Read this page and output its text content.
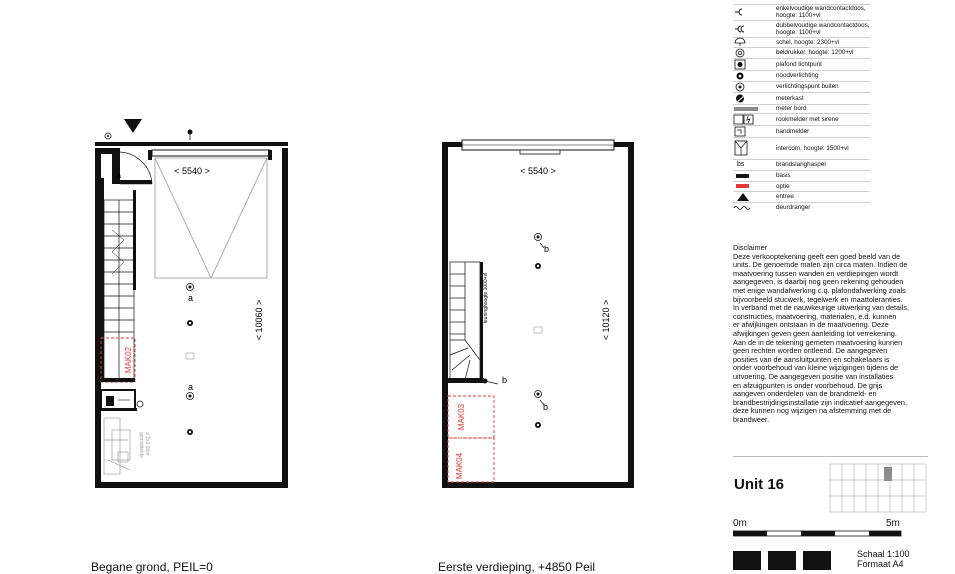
< 5540 >
< 10060 >
MAK02
a
a
a
gemiddelde a 2x2 25m
< 5540 >
< 10120 >
leuninghoogte 1000+vl
MAK03
MAK04
b
b
b
enkelvoudige wandcontactdoos, hoogte: 1100+vl
dubbelvoudige wandcontactdoos, hoogte: 1100+vl
schel, hoogte: 2300+vl
beldrukker, hoogte: 1200+vl
plafond lichtpunt
noodverlichting
verlichtingspunt buiten
meterkast
meter bord
rookmelder met sirene
handmelder
intercom, hoogte: 1500+vl
bs	brandslanghaspel
basis
optie
entree
deurdranger
Disclaimer
Deze verkooptekening geeft een goed beeld van de
units. De genoemde maten zijn circa maten. Indien de
maatvoering tussen wanden en verdiepingen wordt
aangegeven, is daarbij nog geen rekening gehouden
met enige wandafwerking c.q. plafondafwerking zoals
bijvoorbeeld stucwerk, tegelwerk en maattoleranties.
In verband met de nauwkeurige uitwerking van details,
constructies, maatvoering, materialen, e.d. kunnen
er afwijkingen ontstaan in de maatvoering. Deze
afwijkingen geven geen aanleiding tot verrekening.
Aan de in de tekening gemeten maatvoering kunnen
geen rechten worden ontleend. De aangegeven
posities van de aansluitpunten en schakelaars is
onder voorbehoud van kleine wijzigingen tijdens de
uitvoering. De aangegeven positie van installaties
en afzuigpunten is onder voorbehoud. De grijs
aangeven onderdelen van de brandmeld- en
brandbestrijdingsinstallatie zijn indicatief aangegeven,
deze kunnen nog wijzigen na afstemming met de
brandweer.
Unit 16
0m	5m
Schaal 1:100
Formaat A4
Begane grond, PEIL=0	Eerste verdieping, +4850 Peil
